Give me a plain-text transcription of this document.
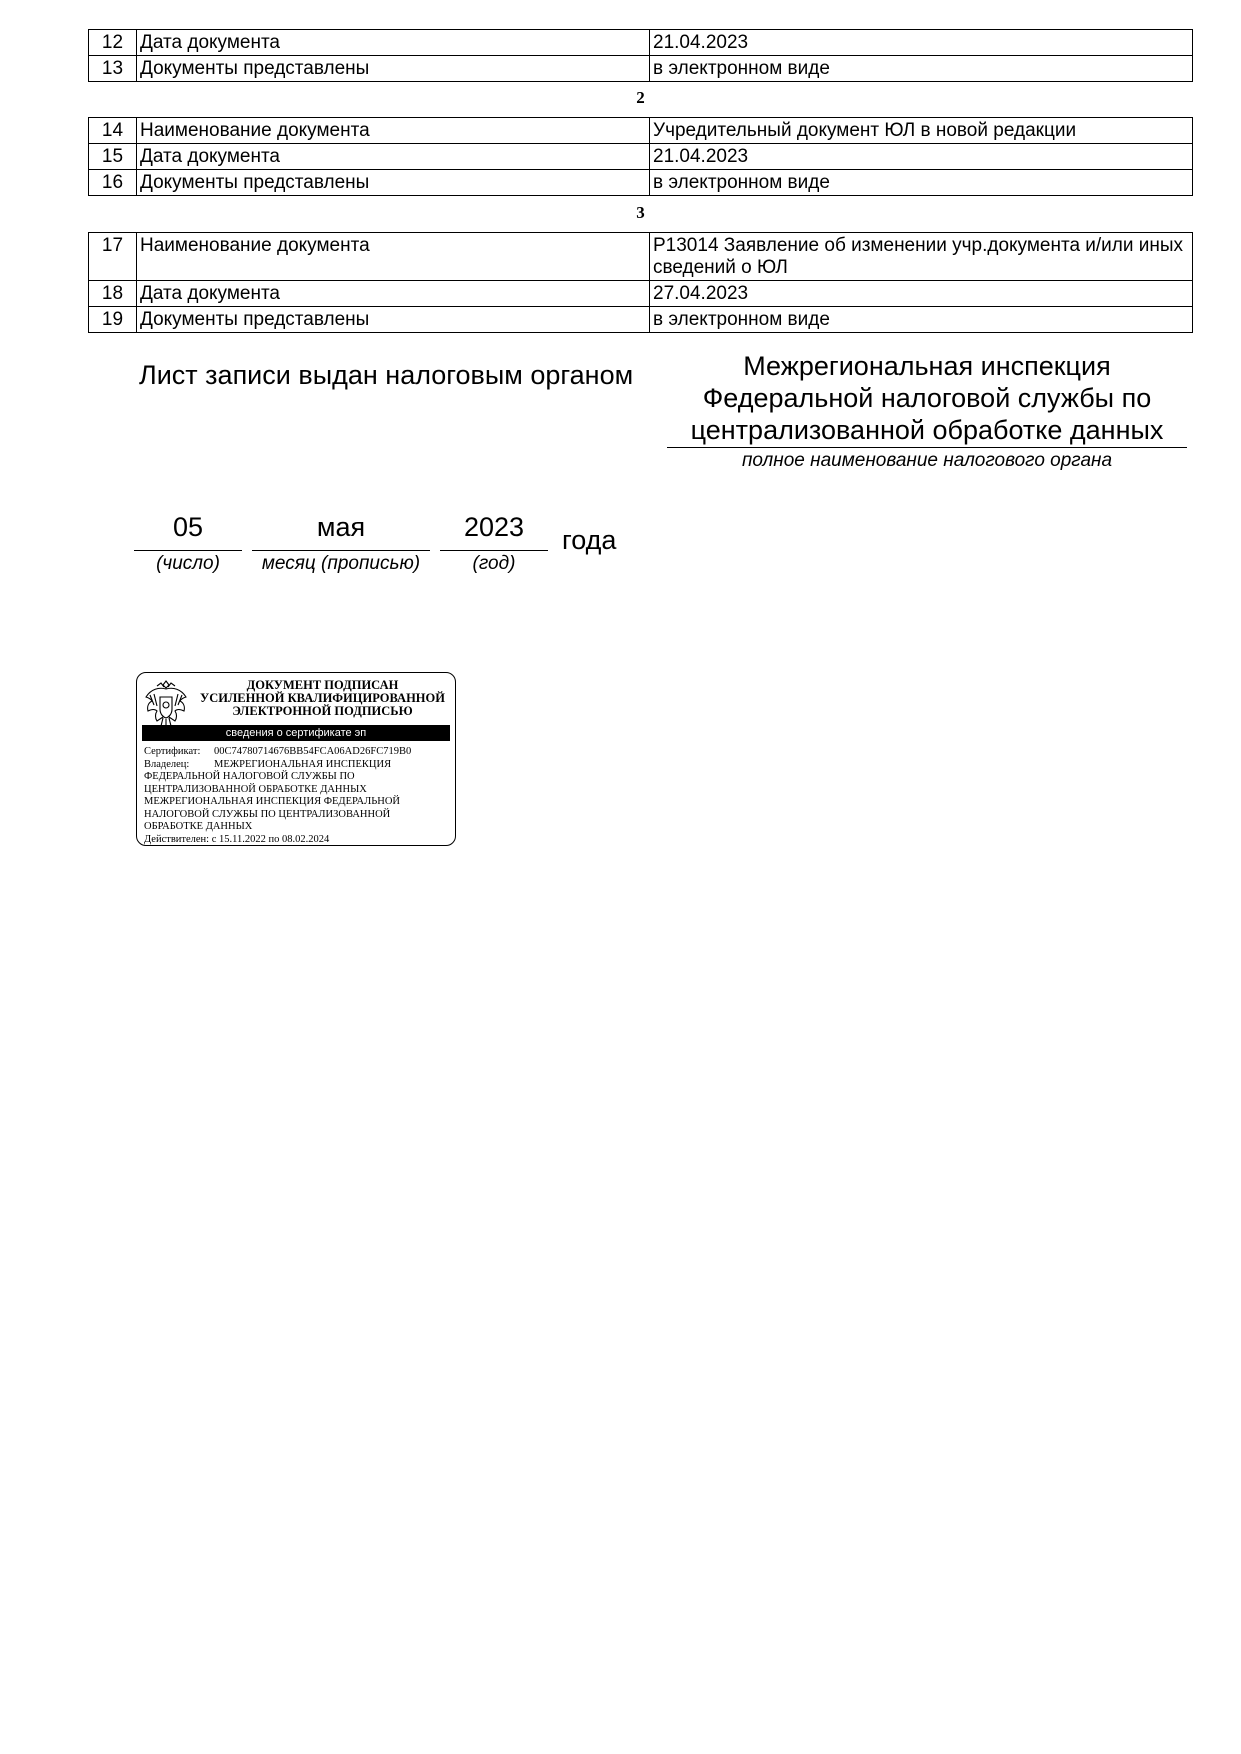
12	Дата документа	21.04.2023
13	Документы представлены	в электронном виде
2
14	Наименование документа	Учредительный документ ЮЛ в новой редакции
15	Дата документа	21.04.2023
16	Документы представлены	в электронном виде
3
17	Наименование документа	Р13014 Заявление об изменении учр.документа и/или иных сведений о ЮЛ
18	Дата документа	27.04.2023
19	Документы представлены	в электронном виде
Лист записи выдан налоговым органом	Межрегиональная инспекция Федеральной налоговой службы по централизованной обработке данных
полное наименование налогового органа
05
(число)
мая
месяц (прописью)
2023
(год)
года
ДОКУМЕНТ ПОДПИСАН
УСИЛЕННОЙ КВАЛИФИЦИРОВАННОЙ
ЭЛЕКТРОННОЙ ПОДПИСЬЮ
сведения о сертификате эп
Сертификат: 00C74780714676BB54FCA06AD26FC719B0
Владелец: МЕЖРЕГИОНАЛЬНАЯ ИНСПЕКЦИЯ
ФЕДЕРАЛЬНОЙ НАЛОГОВОЙ СЛУЖБЫ ПО
ЦЕНТРАЛИЗОВАННОЙ ОБРАБОТКЕ ДАННЫХ
МЕЖРЕГИОНАЛЬНАЯ ИНСПЕКЦИЯ ФЕДЕРАЛЬНОЙ
НАЛОГОВОЙ СЛУЖБЫ ПО ЦЕНТРАЛИЗОВАННОЙ
ОБРАБОТКЕ ДАННЫХ
Действителен: с 15.11.2022 по 08.02.2024
